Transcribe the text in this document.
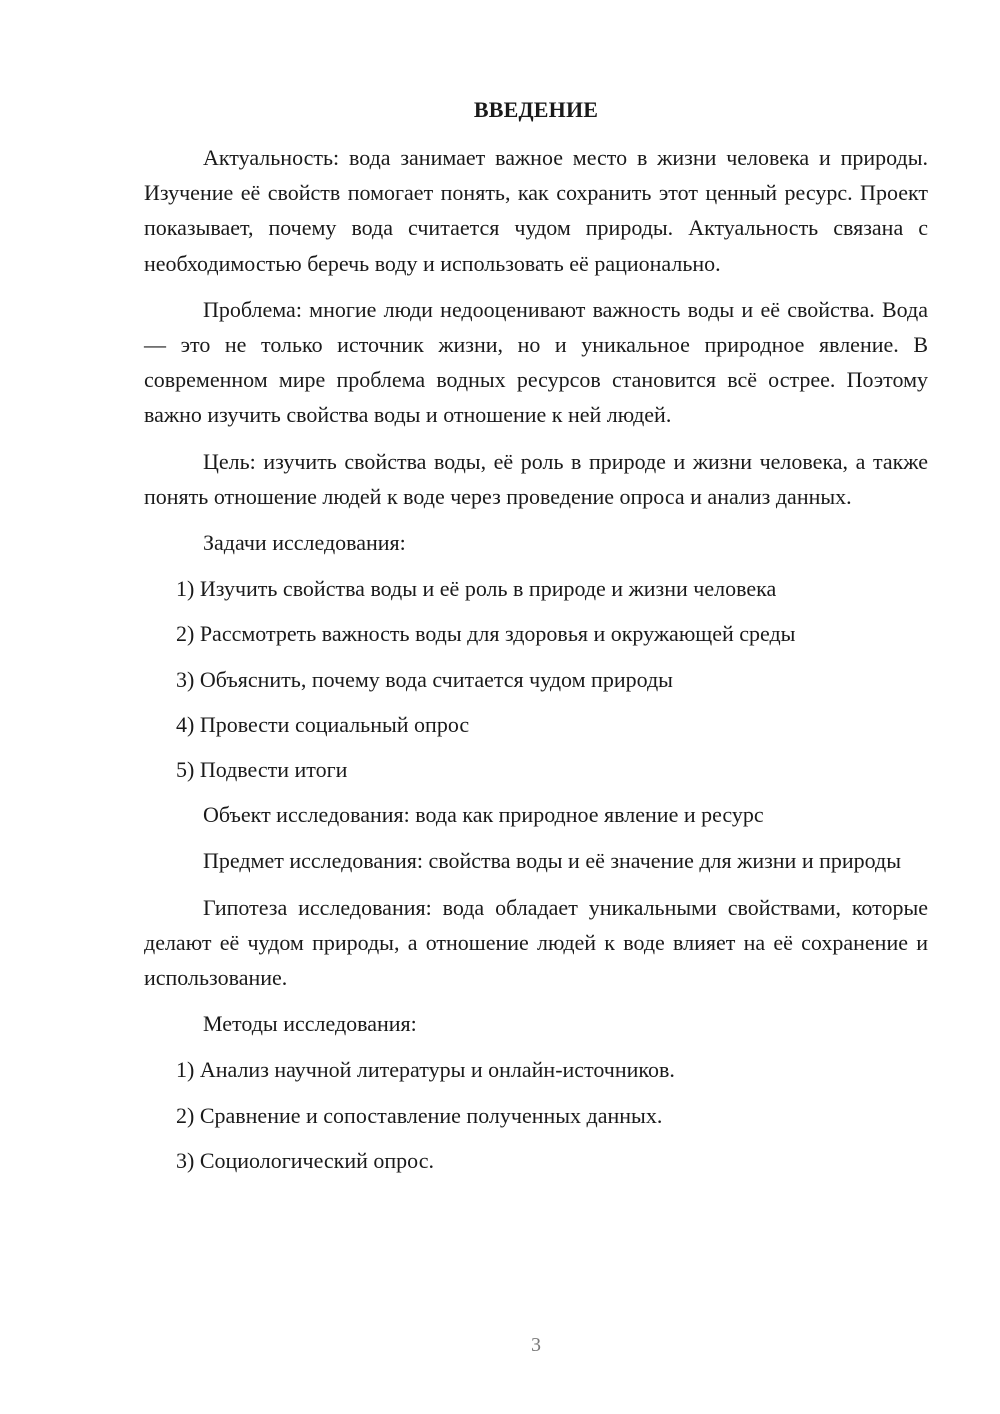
ВВЕДЕНИЕ

Актуальность: вода занимает важное место в жизни человека и природы. Изучение её свойств помогает понять, как сохранить этот ценный ресурс. Проект показывает, почему вода считается чудом природы. Актуальность связана с необходимостью беречь воду и использовать её рационально.

Проблема: многие люди недооценивают важность воды и её свойства. Вода — это не только источник жизни, но и уникальное природное явление. В современном мире проблема водных ресурсов становится всё острее. Поэтому важно изучить свойства воды и отношение к ней людей.

Цель: изучить свойства воды, её роль в природе и жизни человека, а также понять отношение людей к воде через проведение опроса и анализ данных.

Задачи исследования:

1) Изучить свойства воды и её роль в природе и жизни человека

2) Рассмотреть важность воды для здоровья и окружающей среды

3) Объяснить, почему вода считается чудом природы

4) Провести социальный опрос

5) Подвести итоги

Объект исследования: вода как природное явление и ресурс

Предмет исследования: свойства воды и её значение для жизни и природы

Гипотеза исследования: вода обладает уникальными свойствами, которые делают её чудом природы, а отношение людей к воде влияет на её сохранение и использование.

Методы исследования:

1) Анализ научной литературы и онлайн-источников.

2) Сравнение и сопоставление полученных данных.

3) Социологический опрос.

3
